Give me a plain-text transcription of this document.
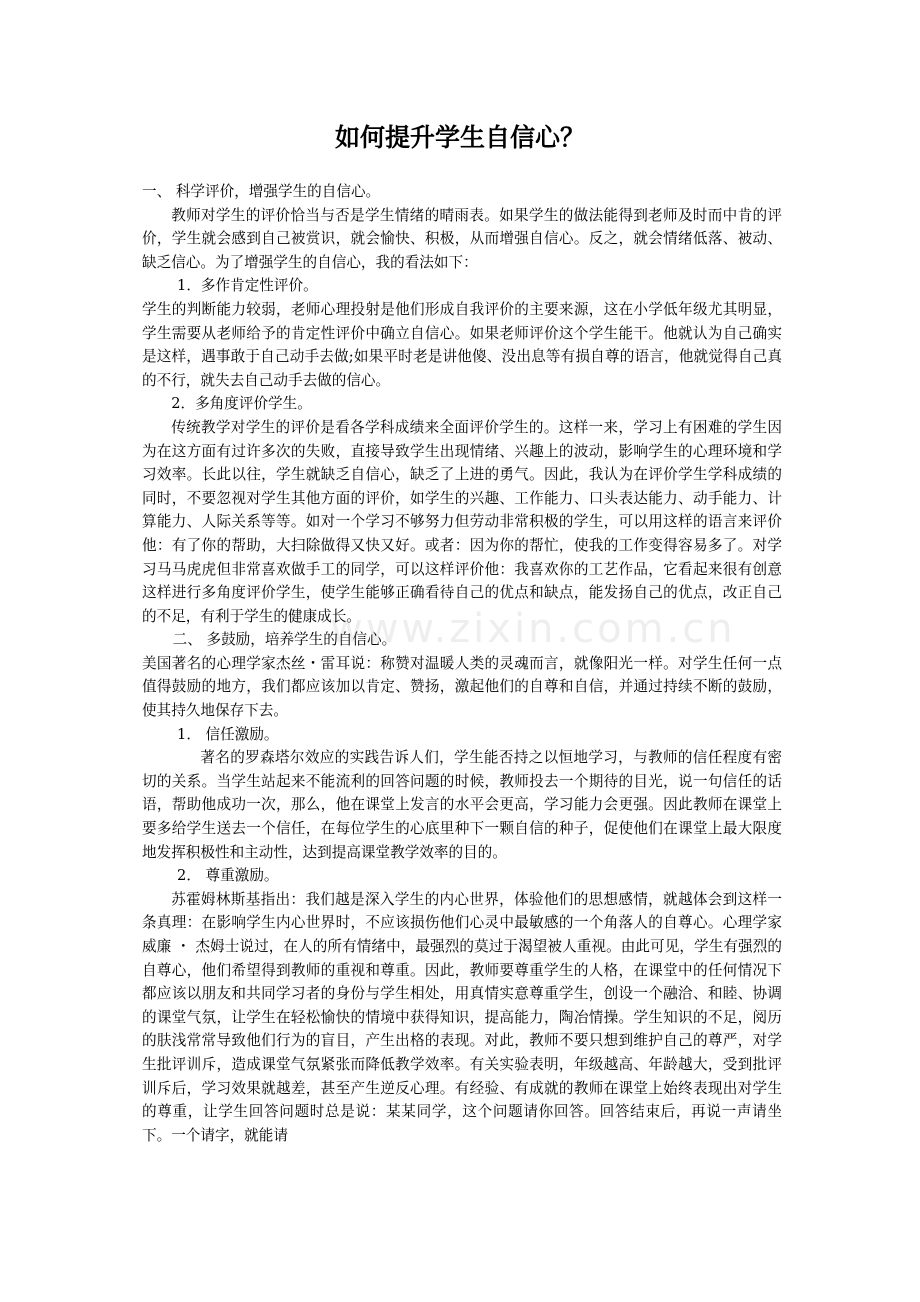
如何提升学生自信心？

一、 科学评价，增强学生的自信心。

教师对学生的评价恰当与否是学生情绪的晴雨表。如果学生的做法能得到老师及时而中肯的评价，学生就会感到自己被赏识，就会愉快、积极，从而增强自信心。反之，就会情绪低落、被动、缺乏信心。为了增强学生的自信心，我的看法如下：

1．多作肯定性评价。

学生的判断能力较弱，老师心理投射是他们形成自我评价的主要来源，这在小学低年级尤其明显，学生需要从老师给予的肯定性评价中确立自信心。如果老师评价这个学生能干。他就认为自己确实是这样，遇事敢于自己动手去做;如果平时老是讲他傻、没出息等有损自尊的语言，他就觉得自己真的不行，就失去自己动手去做的信心。

2．多角度评价学生。

传统教学对学生的评价是看各学科成绩来全面评价学生的。这样一来，学习上有困难的学生因为在这方面有过许多次的失败，直接导致学生出现情绪、兴趣上的波动，影响学生的心理环境和学习效率。长此以往，学生就缺乏自信心，缺乏了上进的勇气。因此，我认为在评价学生学科成绩的同时，不要忽视对学生其他方面的评价，如学生的兴趣、工作能力、口头表达能力、动手能力、计算能力、人际关系等等。如对一个学习不够努力但劳动非常积极的学生，可以用这样的语言来评价他：有了你的帮助，大扫除做得又快又好。或者：因为你的帮忙，使我的工作变得容易多了。对学习马马虎虎但非常喜欢做手工的同学，可以这样评价他：我喜欢你的工艺作品，它看起来很有创意这样进行多角度评价学生，使学生能够正确看待自己的优点和缺点，能发扬自己的优点，改正自己的不足，有利于学生的健康成长。

二、 多鼓励，培养学生的自信心。

美国著名的心理学家杰丝・雷耳说：称赞对温暖人类的灵魂而言，就像阳光一样。对学生任何一点值得鼓励的地方，我们都应该加以肯定、赞扬，激起他们的自尊和自信，并通过持续不断的鼓励，使其持久地保存下去。

1． 信任激励。

著名的罗森塔尔效应的实践告诉人们，学生能否持之以恒地学习，与教师的信任程度有密切的关系。当学生站起来不能流利的回答问题的时候，教师投去一个期待的目光，说一句信任的话语，帮助他成功一次，那么，他在课堂上发言的水平会更高，学习能力会更强。因此教师在课堂上要多给学生送去一个信任，在每位学生的心底里种下一颗自信的种子，促使他们在课堂上最大限度地发挥积极性和主动性，达到提高课堂教学效率的目的。

2． 尊重激励。

苏霍姆林斯基指出：我们越是深入学生的内心世界，体验他们的思想感情，就越体会到这样一条真理：在影响学生内心世界时，不应该损伤他们心灵中最敏感的一个角落人的自尊心。心理学家威廉 ・ 杰姆士说过，在人的所有情绪中，最强烈的莫过于渴望被人重视。由此可见，学生有强烈的自尊心，他们希望得到教师的重视和尊重。因此，教师要尊重学生的人格，在课堂中的任何情况下都应该以朋友和共同学习者的身份与学生相处，用真情实意尊重学生，创设一个融洽、和睦、协调的课堂气氛，让学生在轻松愉快的情境中获得知识，提高能力，陶冶情操。学生知识的不足，阅历的肤浅常常导致他们行为的盲目，产生出格的表现。对此，教师不要只想到维护自己的尊严，对学生批评训斥，造成课堂气氛紧张而降低教学效率。有关实验表明，年级越高、年龄越大，受到批评训斥后，学习效果就越差，甚至产生逆反心理。有经验、有成就的教师在课堂上始终表现出对学生的尊重，让学生回答问题时总是说：某某同学，这个问题请你回答。回答结束后，再说一声请坐下。一个请字，就能请

www.zixin.com.cn
